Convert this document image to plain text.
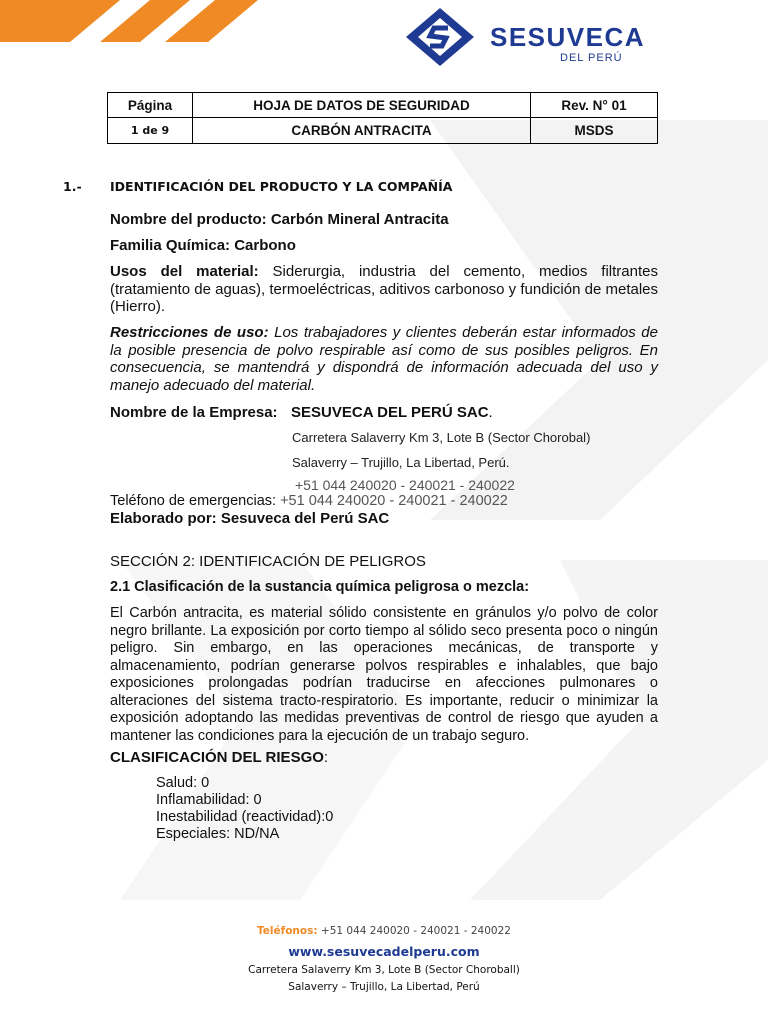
SESUVECA
DEL PERÚ
Página	HOJA DE DATOS DE SEGURIDAD	Rev. N° 01
1 de 9	CARBÓN ANTRACITA	MSDS
1.- IDENTIFICACIÓN DEL PRODUCTO Y LA COMPAÑÍA
Nombre del producto: Carbón Mineral Antracita
Familia Química: Carbono
Usos del material: Siderurgia, industria del cemento, medios filtrantes (tratamiento de aguas), termoeléctricas, aditivos carbonoso y fundición de metales (Hierro).
Restricciones de uso: Los trabajadores y clientes deberán estar informados de la posible presencia de polvo respirable así como de sus posibles peligros. En consecuencia, se mantendrá y dispondrá de información adecuada del uso y manejo adecuado del material.
Nombre de la Empresa: SESUVECA DEL PERÚ SAC.
Carretera Salaverry Km 3, Lote B (Sector Chorobal)
Salaverry – Trujillo, La Libertad, Perú.
+51 044 240020 - 240021 - 240022
Teléfono de emergencias: +51 044 240020 - 240021 - 240022
Elaborado por: Sesuveca del Perú SAC
SECCIÓN 2: IDENTIFICACIÓN DE PELIGROS
2.1 Clasificación de la sustancia química peligrosa o mezcla:
El Carbón antracita, es material sólido consistente en gránulos y/o polvo de color negro brillante. La exposición por corto tiempo al sólido seco presenta poco o ningún peligro. Sin embargo, en las operaciones mecánicas, de transporte y almacenamiento, podrían generarse polvos respirables e inhalables, que bajo exposiciones prolongadas podrían traducirse en afecciones pulmonares o alteraciones del sistema tracto-respiratorio. Es importante, reducir o minimizar la exposición adoptando las medidas preventivas de control de riesgo que ayuden a mantener las condiciones para la ejecución de un trabajo seguro.
CLASIFICACIÓN DEL RIESGO:
Salud: 0
Inflamabilidad: 0
Inestabilidad (reactividad):0
Especiales: ND/NA
Teléfonos: +51 044 240020 - 240021 - 240022
www.sesuvecadelperu.com
Carretera Salaverry Km 3, Lote B (Sector Choroball)
Salaverry – Trujillo, La Libertad, Perú
